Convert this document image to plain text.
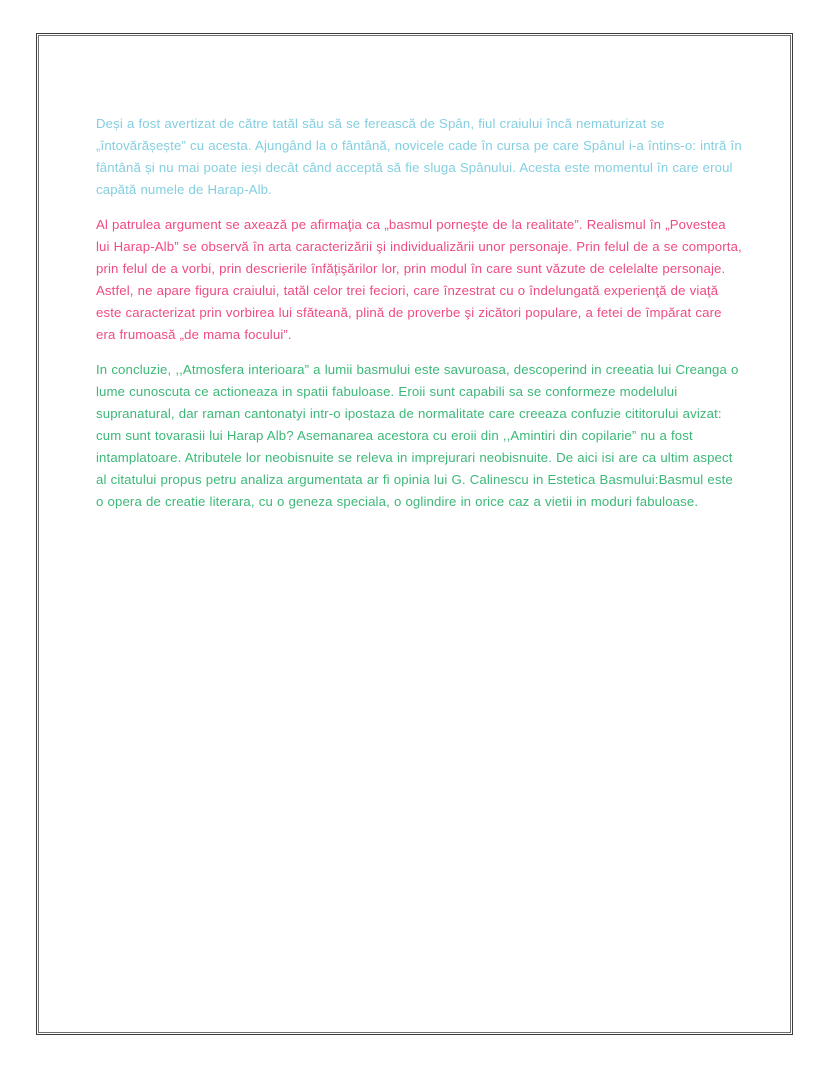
Deși a fost avertizat de către tatăl său să se ferească de Spân, fiul craiului încă nematurizat se „întovărășește” cu acesta. Ajungând la o fântână, novicele cade în cursa pe care Spânul i-a întins-o: intră în fântână și nu mai poate ieși decât când acceptă să fie sluga Spânului. Acesta este momentul în care eroul capătă numele de Harap-Alb.

Al patrulea argument se axează pe afirmaţia ca „basmul porneşte de la realitate”. Realismul în „Povestea lui Harap-Alb” se observă în arta caracterizării şi individualizării unor personaje. Prin felul de a se comporta, prin felul de a vorbi, prin descrierile înfăţişărilor lor, prin modul în care sunt văzute de celelalte personaje. Astfel, ne apare figura craiului, tatăl celor trei feciori, care înzestrat cu o îndelungată experienţă de viaţă este caracterizat prin vorbirea lui sfăteană, plină de proverbe şi zicători populare, a fetei de împărat care era frumoasă „de mama focului”.

In concluzie, ,,Atmosfera interioara” a lumii basmului este savuroasa, descoperind in creeatia lui Creanga o lume cunoscuta ce actioneaza in spatii fabuloase. Eroii sunt capabili sa se conformeze modelului supranatural, dar raman cantonatyi intr-o ipostaza de normalitate care creeaza confuzie cititorului avizat: cum sunt tovarasii lui Harap Alb? Asemanarea acestora cu eroii din ,,Amintiri din copilarie” nu a fost intamplatoare. Atributele lor neobisnuite se releva in imprejurari neobisnuite. De aici isi are ca ultim aspect al citatului propus petru analiza argumentata ar fi opinia lui G. Calinescu in Estetica Basmului:Basmul este o opera de creatie literara, cu o geneza speciala, o oglindire in orice caz a vietii in moduri fabuloase.
